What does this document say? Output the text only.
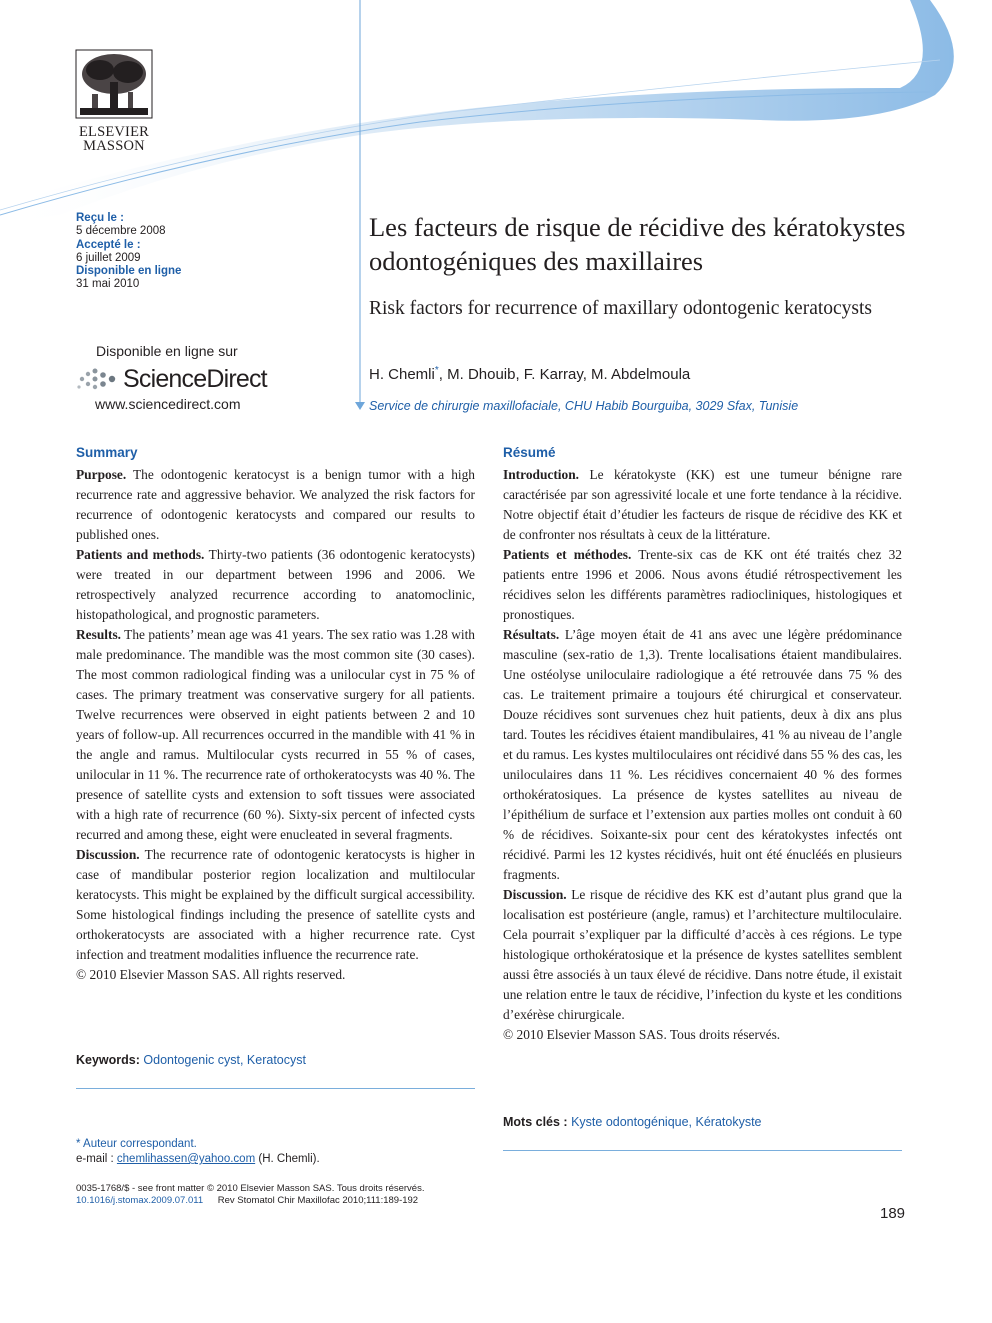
ELSEVIER
MASSON
Article original
Reçu le :
5 décembre 2008
Accepté le :
6 juillet 2009
Disponible en ligne
31 mai 2010
Disponible en ligne sur
ScienceDirect
www.sciencedirect.com
Les facteurs de risque de récidive des kératokystes odontogéniques des maxillaires
Risk factors for recurrence of maxillary odontogenic keratocysts
H. Chemli*, M. Dhouib, F. Karray, M. Abdelmoula
Service de chirurgie maxillofaciale, CHU Habib Bourguiba, 3029 Sfax, Tunisie
Summary

Purpose. The odontogenic keratocyst is a benign tumor with a high recurrence rate and aggressive behavior. We analyzed the risk factors for recurrence of odontogenic keratocysts and compared our results to published ones.

Patients and methods. Thirty-two patients (36 odontogenic keratocysts) were treated in our department between 1996 and 2006. We retrospectively analyzed recurrence according to anatomoclinic, histopathological, and prognostic parameters.

Results. The patients’ mean age was 41 years. The sex ratio was 1.28 with male predominance. The mandible was the most common site (30 cases). The most common radiological finding was a unilocular cyst in 75 % of cases. The primary treatment was conservative surgery for all patients. Twelve recurrences were observed in eight patients between 2 and 10 years of follow-up. All recurrences occurred in the mandible with 41 % in the angle and ramus. Multilocular cysts recurred in 55 % of cases, unilocular in 11 %. The recurrence rate of orthokeratocysts was 40 %. The presence of satellite cysts and extension to soft tissues were associated with a high rate of recurrence (60 %). Sixty-six percent of infected cysts recurred and among these, eight were enucleated in several fragments.

Discussion. The recurrence rate of odontogenic keratocysts is higher in case of mandibular posterior region localization and multilocular keratocysts. This might be explained by the difficult surgical accessibility. Some histological findings including the presence of satellite cysts and orthokeratocysts are associated with a higher recurrence rate. Cyst infection and treatment modalities influence the recurrence rate.

© 2010 Elsevier Masson SAS. All rights reserved.

Keywords: Odontogenic cyst, Keratocyst
Résumé

Introduction. Le kératokyste (KK) est une tumeur bénigne rare caractérisée par son agressivité locale et une forte tendance à la récidive. Notre objectif était d’étudier les facteurs de risque de récidive des KK et de confronter nos résultats à ceux de la littérature.

Patients et méthodes. Trente-six cas de KK ont été traités chez 32 patients entre 1996 et 2006. Nous avons étudié rétrospectivement les récidives selon les différents paramètres radiocliniques, histologiques et pronostiques.

Résultats. L’âge moyen était de 41 ans avec une légère prédominance masculine (sex-ratio de 1,3). Trente localisations étaient mandibulaires. Une ostéolyse uniloculaire radiologique a été retrouvée dans 75 % des cas. Le traitement primaire a toujours été chirurgical et conservateur. Douze récidives sont survenues chez huit patients, deux à dix ans plus tard. Toutes les récidives étaient mandibulaires, 41 % au niveau de l’angle et du ramus. Les kystes multiloculaires ont récidivé dans 55 % des cas, les uniloculaires dans 11 %. Les récidives concernaient 40 % des formes orthokératosiques. La présence de kystes satellites au niveau de l’épithélium de surface et l’extension aux parties molles ont conduit à 60 % de récidives. Soixante-six pour cent des kératokystes infectés ont récidivé. Parmi les 12 kystes récidivés, huit ont été énucléés en plusieurs fragments.

Discussion. Le risque de récidive des KK est d’autant plus grand que la localisation est postérieure (angle, ramus) et l’architecture multiloculaire. Cela pourrait s’expliquer par la difficulté d’accès à ces régions. Le type histologique orthokératosique et la présence de kystes satellites semblent aussi être associés à un taux élevé de récidive. Dans notre étude, il existait une relation entre le taux de récidive, l’infection du kyste et les conditions d’exérèse chirurgicale.

© 2010 Elsevier Masson SAS. Tous droits réservés.

Mots clés : Kyste odontogénique, Kératokyste
* Auteur correspondant.
e-mail : chemlihassen@yahoo.com (H. Chemli).
0035-1768/$ - see front matter © 2010 Elsevier Masson SAS. Tous droits réservés.
10.1016/j.stomax.2009.07.011 Rev Stomatol Chir Maxillofac 2010;111:189-192
189
